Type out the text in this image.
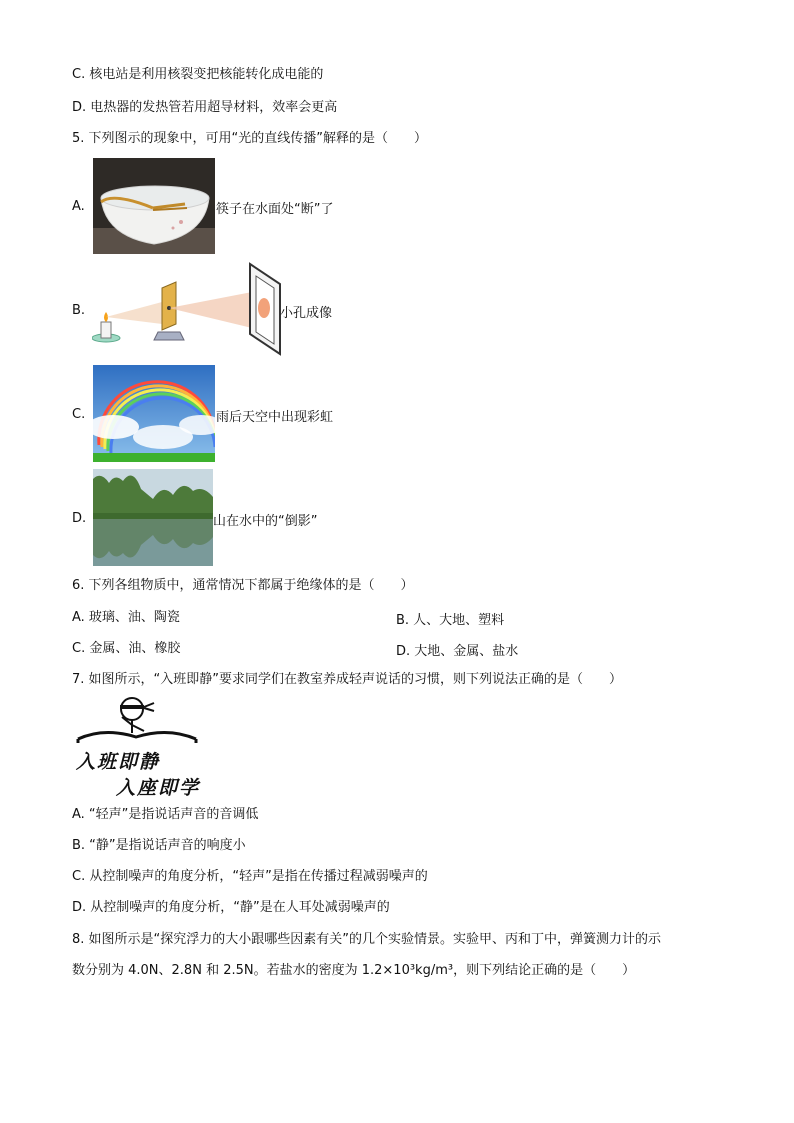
C. 核电站是利用核裂变把核能转化成电能的
D. 电热器的发热管若用超导材料，效率会更高
5. 下列图示的现象中，可用“光的直线传播”解释的是（　　）
A.	筷子在水面处“断”了
B.	小孔成像
C.	雨后天空中出现彩虹
D.	山在水中的“倒影”
6. 下列各组物质中，通常情况下都属于绝缘体的是（　　）
A. 玻璃、油、陶瓷	B. 人、大地、塑料
C. 金属、油、橡胶	D. 大地、金属、盐水
7. 如图所示，“入班即静”要求同学们在教室养成轻声说话的习惯，则下列说法正确的是（　　）
入班即静
入座即学
A. “轻声”是指说话声音的音调低
B. “静”是指说话声音的响度小
C. 从控制噪声的角度分析，“轻声”是指在传播过程减弱噪声的
D. 从控制噪声的角度分析，“静”是在人耳处减弱噪声的
8. 如图所示是“探究浮力的大小跟哪些因素有关”的几个实验情景。实验甲、丙和丁中，弹簧测力计的示
数分别为 4.0N、2.8N 和 2.5N。若盐水的密度为 1.2×10³kg/m³，则下列结论正确的是（　　）
